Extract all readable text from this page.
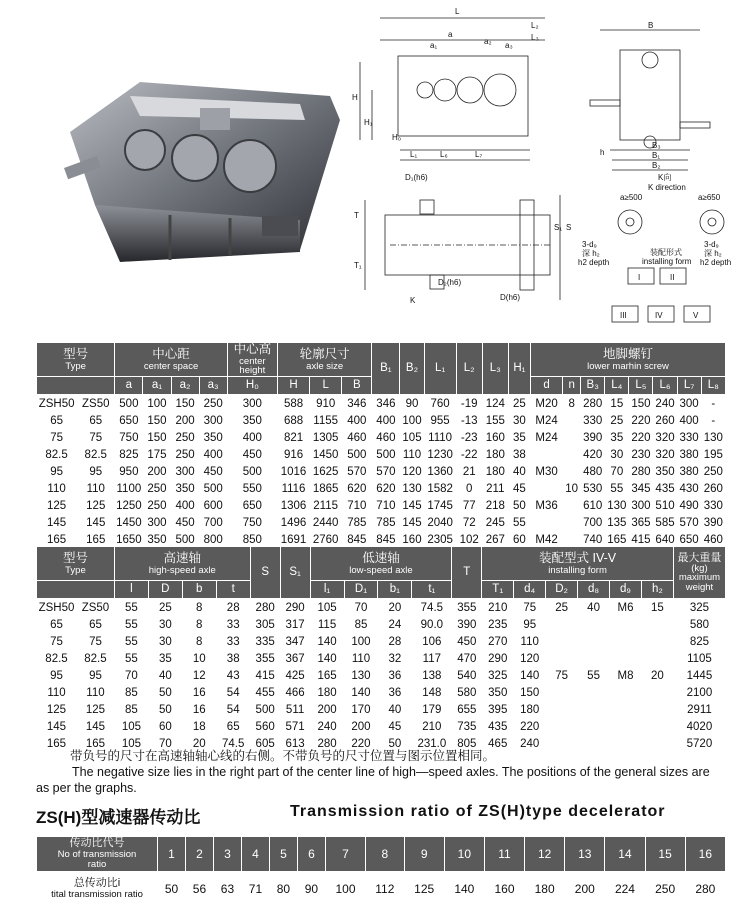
L
a
a₁	a₂ a₃
L₂
L₃
H
H₁
H₀
L₁	L₇
L₆
B
B₁
B₂
B₃
h
D₁(h6)
D₂(h6)
T
T₁
S
S₁
K	D(h6)
K向
K direction
a≥500	a≥650
3-d₉	3-d₉
深 h₂
h2 depth
深 h₂
h2 depth
装配形式
installing form
I	II
III	IV	V
型号
Type		中心距
center space				中心高
center
height	轮廓尺寸
axle size			B₁	B₂	L₁	L₂	L₃	H₁	地脚螺钉
lower marhin screw							

		a	a₁	a₂	a₃	H₀	H	L	B							d	n	B₃	L₄	L₅	L₆	L₇	L₈
ZSH50	ZS50	500	100	150	250	300	588	910	346	346	90	760	-19	124	25	M20	8	280	15	150	240	300	-
65	65	650	150	200	300	350	688	1155	400	400	100	955	-13	155	30	M24		330	25	220	260	400	-
75	75	750	150	250	350	400	821	1305	460	460	105	1110	-23	160	35	M24		390	35	220	320	330	130
82.5	82.5	825	175	250	400	450	916	1450	500	500	110	1230	-22	180	38			420	30	230	320	380	195
95	95	950	200	300	450	500	1016	1625	570	570	120	1360	21	180	40	M30		480	70	280	350	380	250
110	110	1100	250	350	500	550	1116	1865	620	620	130	1582	0	211	45		10	530	55	345	435	430	260
125	125	1250	250	400	600	650	1306	2115	710	710	145	1745	77	218	50	M36		610	130	300	510	490	330
145	145	1450	300	450	700	750	1496	2440	785	785	145	2040	72	245	55			700	135	365	585	570	390
165	165	1650	350	500	800	850	1691	2760	845	845	160	2305	102	267	60	M42		740	165	415	640	650	460
型号
Type		高速轴
high-speed axle				S	S₁	低速轴
low-speed axle				T	装配型式 IV-V
installing form						最大重量
(kg)
maximum
weight

		l	D	b	t			l₁	D₁	b₁	t₁		T₁	d₄	D₂	d₈	d₉	h₂	
ZSH50	ZS50	55	25	8	28	280	290	105	70	20	74.5	355	210	75	25	40	M6	15	325
65	65	55	30	8	33	305	317	115	85	24	90.0	390	235	95					580
75	75	55	30	8	33	335	347	140	100	28	106	450	270	110					825
82.5	82.5	55	35	10	38	355	367	140	110	32	117	470	290	120					1105
95	95	70	40	12	43	415	425	165	130	36	138	540	325	140	75	55	M8	20	1445
110	110	85	50	16	54	455	466	180	140	36	148	580	350	150					2100
125	125	85	50	16	54	500	511	200	170	40	179	655	395	180					2911
145	145	105	60	18	65	560	571	240	200	45	210	735	435	220					4020
165	165	105	70	20	74.5	605	613	280	220	50	231.0	805	465	240					5720
带负号的尺寸在高速轴轴心线的右侧。不带负号的尺寸位置与图示位置相同。
The negative size lies in the right part of the center line of high—speed axles. The positions of the general sizes are as per the graphs.
ZS(H)型减速器传动比	Transmission ratio of ZS(H)type decelerator
传动比代号
No of transmission
ratio	1	2	3	4	5	6	7	8	9	10	11	12	13	14	15	16

总传动比i
tital transmission ratio	50	56	63	71	80	90	100	112	125	140	160	180	200	224	250	280
